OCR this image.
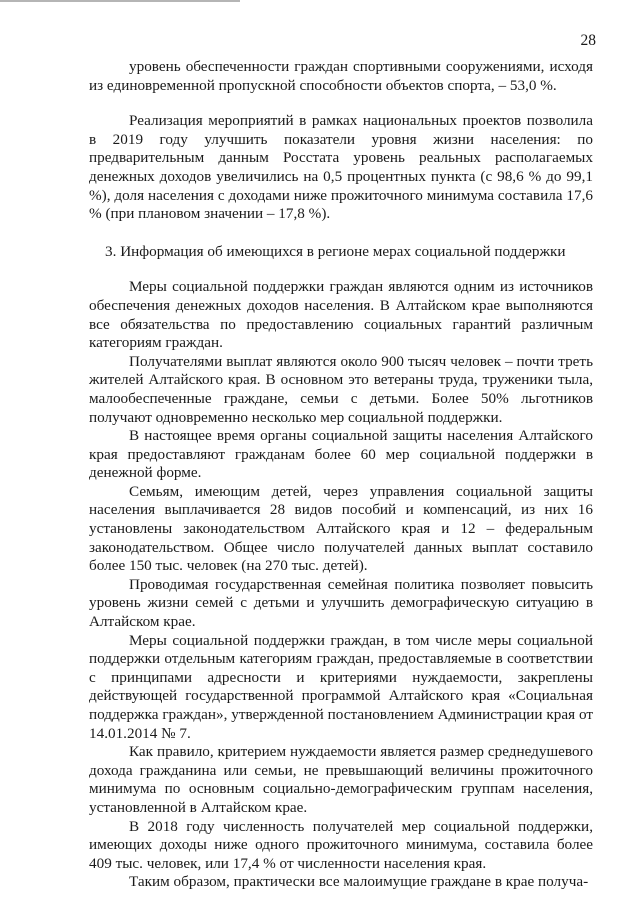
28

уровень обеспеченности граждан спортивными сооружениями, исходя из единовременной пропускной способности объектов спорта, – 53,0 %.

Реализация мероприятий в рамках национальных проектов позволила в 2019 году улучшить показатели уровня жизни населения: по предварительным данным Росстата уровень реальных располагаемых денежных доходов увеличились на 0,5 процентных пункта (с 98,6 % до 99,1 %), доля населения с доходами ниже прожиточного минимума составила 17,6 % (при плановом значении – 17,8 %).

3. Информация об имеющихся в регионе мерах социальной поддержки

Меры социальной поддержки граждан являются одним из источников обеспечения денежных доходов населения. В Алтайском крае выполняются все обязательства по предоставлению социальных гарантий различным категориям граждан.

Получателями выплат являются около 900 тысяч человек – почти треть жителей Алтайского края. В основном это ветераны труда, труженики тыла, малообеспеченные граждане, семьи с детьми. Более 50% льготников получают одновременно несколько мер социальной поддержки.

В настоящее время органы социальной защиты населения Алтайского края предоставляют гражданам более 60 мер социальной поддержки в денежной форме.

Семьям, имеющим детей, через управления социальной защиты населения выплачивается 28 видов пособий и компенсаций, из них 16 установлены законодательством Алтайского края и 12 – федеральным законодательством. Общее число получателей данных выплат составило более 150 тыс. человек (на 270 тыс. детей).

Проводимая государственная семейная политика позволяет повысить уровень жизни семей с детьми и улучшить демографическую ситуацию в Алтайском крае.

Меры социальной поддержки граждан, в том числе меры социальной поддержки отдельным категориям граждан, предоставляемые в соответствии с принципами адресности и критериями нуждаемости, закреплены действующей государственной программой Алтайского края «Социальная поддержка граждан», утвержденной постановлением Администрации края от 14.01.2014 № 7.

Как правило, критерием нуждаемости является размер среднедушевого дохода гражданина или семьи, не превышающий величины прожиточного минимума по основным социально-демографическим группам населения, установленной в Алтайском крае.

В 2018 году численность получателей мер социальной поддержки, имеющих доходы ниже одного прожиточного минимума, составила более 409 тыс. человек, или 17,4 % от численности населения края.

Таким образом, практически все малоимущие граждане в крае получа-
